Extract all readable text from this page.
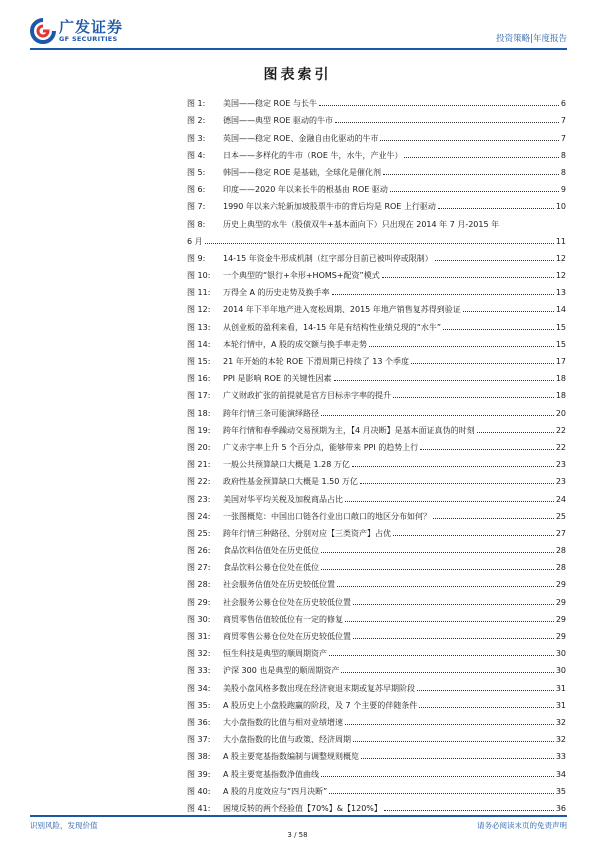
广发证券
GF SECURITIES	投资策略|年度报告
图表索引
图 1:	美国——稳定 ROE 与长牛	6
图 2:	德国——典型 ROE 驱动的牛市	7
图 3:	英国——稳定 ROE、金融自由化驱动的牛市	7
图 4:	日本——多样化的牛市（ROE 牛，水牛，产业牛）	8
图 5:	韩国——稳定 ROE 是基础，全球化是催化剂	8
图 6:	印度——2020 年以来长牛的根基由 ROE 驱动	9
图 7:	1990 年以来六轮新加坡股票牛市的背后均是 ROE 上行驱动	10
图 8:	历史上典型的水牛（股债双牛+基本面向下）只出现在 2014 年 7 月-2015 年
6 月	11
图 9:	14-15 年资金牛形成机制（红字部分目前已被叫停或限制）	12
图 10:	一个典型的“银行+伞形+HOMS+配资”模式	12
图 11:	万得全 A 的历史走势及换手率	13
图 12:	2014 年下半年地产进入宽松周期、2015 年地产销售复苏得到验证	14
图 13:	从创业板的盈利来看，14-15 年是有结构性业绩兑现的“水牛”	15
图 14:	本轮行情中，A 股的成交额与换手率走势	15
图 15:	21 年开始的本轮 ROE 下滑周期已持续了 13 个季度	17
图 16:	PPI 是影响 ROE 的关键性因素	18
图 17:	广义财政扩张的前提就是官方目标赤字率的提升	18
图 18:	跨年行情三条可能演绎路径	20
图 19:	跨年行情和春季躁动交易预期为主，【4 月决断】是基本面证真伪的时刻	22
图 20:	广义赤字率上升 5 个百分点，能够带来 PPI 的趋势上行	22
图 21:	一般公共预算缺口大概是 1.28 万亿	23
图 22:	政府性基金预算缺口大概是 1.50 万亿	23
图 23:	美国对华平均关税及加税商品占比	24
图 24:	一张图概览：中国出口链各行业出口敞口的地区分布如何？	25
图 25:	跨年行情三种路径、分别对应【三类资产】占优	27
图 26:	食品饮料估值处在历史低位	28
图 27:	食品饮料公募仓位处在低位	28
图 28:	社会服务估值处在历史较低位置	29
图 29:	社会服务公募仓位处在历史较低位置	29
图 30:	商贸零售估值较低位有一定的修复	29
图 31:	商贸零售公募仓位处在历史较低位置	29
图 32:	恒生科技是典型的顺周期资产	30
图 33:	沪深 300 也是典型的顺周期资产	30
图 34:	美股小盘风格多数出现在经济衰退末期或复苏早期阶段	31
图 35:	A 股历史上小盘股跑赢的阶段，及 7 个主要的伴随条件	31
图 36:	大小盘指数的比值与相对业绩增速	32
图 37:	大小盘指数的比值与政策、经济周期	32
图 38:	A 股主要宽基指数编制与调整规则概览	33
图 39:	A 股主要宽基指数净值曲线	34
图 40:	A 股的月度效应与“四月决断”	35
图 41:	困境反转的两个经验值【70%】&【120%】	36
识别风险，发现价值	请务必阅读末页的免责声明
3 / 58
